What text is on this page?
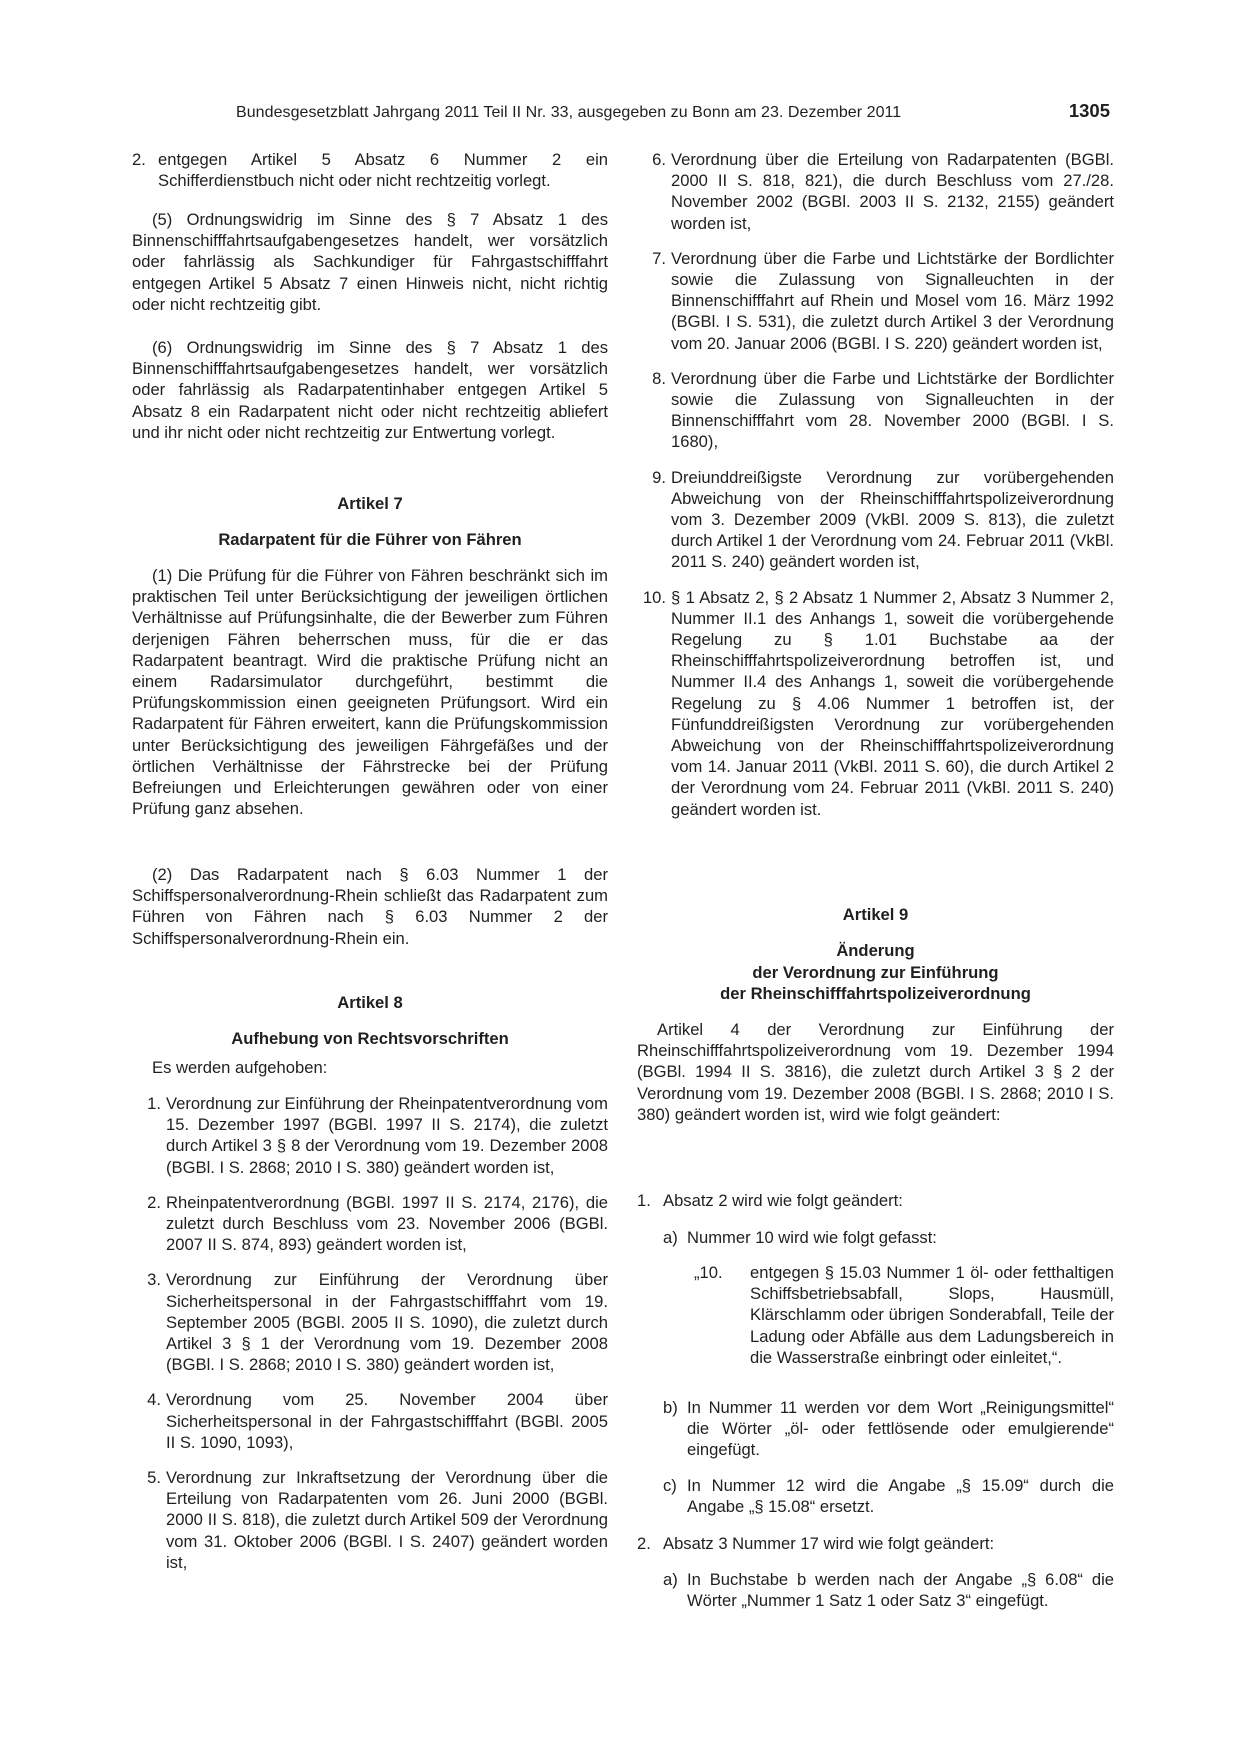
Bundesgesetzblatt Jahrgang 2011 Teil II Nr. 33, ausgegeben zu Bonn am 23. Dezember 2011	1305
2. entgegen Artikel 5 Absatz 6 Nummer 2 ein Schifferdienstbuch nicht oder nicht rechtzeitig vorlegt.

(5) Ordnungswidrig im Sinne des § 7 Absatz 1 des Binnenschifffahrtsaufgabengesetzes handelt, wer vorsätzlich oder fahrlässig als Sachkundiger für Fahrgastschifffahrt entgegen Artikel 5 Absatz 7 einen Hinweis nicht, nicht richtig oder nicht rechtzeitig gibt.

(6) Ordnungswidrig im Sinne des § 7 Absatz 1 des Binnenschifffahrtsaufgabengesetzes handelt, wer vorsätzlich oder fahrlässig als Radarpatentinhaber entgegen Artikel 5 Absatz 8 ein Radarpatent nicht oder nicht rechtzeitig abliefert und ihr nicht oder nicht rechtzeitig zur Entwertung vorlegt.

Artikel 7

Radarpatent für die Führer von Fähren

(1) Die Prüfung für die Führer von Fähren beschränkt sich im praktischen Teil unter Berücksichtigung der jeweiligen örtlichen Verhältnisse auf Prüfungsinhalte, die der Bewerber zum Führen derjenigen Fähren beherrschen muss, für die er das Radarpatent beantragt. Wird die praktische Prüfung nicht an einem Radarsimulator durchgeführt, bestimmt die Prüfungskommission einen geeigneten Prüfungsort. Wird ein Radarpatent für Fähren erweitert, kann die Prüfungskommission unter Berücksichtigung des jeweiligen Fährgefäßes und der örtlichen Verhältnisse der Fährstrecke bei der Prüfung Befreiungen und Erleichterungen gewähren oder von einer Prüfung ganz absehen.

(2) Das Radarpatent nach § 6.03 Nummer 1 der Schiffspersonalverordnung-Rhein schließt das Radarpatent zum Führen von Fähren nach § 6.03 Nummer 2 der Schiffspersonalverordnung-Rhein ein.

Artikel 8

Aufhebung von Rechtsvorschriften

Es werden aufgehoben:

1. Verordnung zur Einführung der Rheinpatentverordnung vom 15. Dezember 1997 (BGBl. 1997 II S. 2174), die zuletzt durch Artikel 3 § 8 der Verordnung vom 19. Dezember 2008 (BGBl. I S. 2868; 2010 I S. 380) geändert worden ist,
2. Rheinpatentverordnung (BGBl. 1997 II S. 2174, 2176), die zuletzt durch Beschluss vom 23. November 2006 (BGBl. 2007 II S. 874, 893) geändert worden ist,
3. Verordnung zur Einführung der Verordnung über Sicherheitspersonal in der Fahrgastschifffahrt vom 19. September 2005 (BGBl. 2005 II S. 1090), die zuletzt durch Artikel 3 § 1 der Verordnung vom 19. Dezember 2008 (BGBl. I S. 2868; 2010 I S. 380) geändert worden ist,
4. Verordnung vom 25. November 2004 über Sicherheitspersonal in der Fahrgastschifffahrt (BGBl. 2005 II S. 1090, 1093),
5. Verordnung zur Inkraftsetzung der Verordnung über die Erteilung von Radarpatenten vom 26. Juni 2000 (BGBl. 2000 II S. 818), die zuletzt durch Artikel 509 der Verordnung vom 31. Oktober 2006 (BGBl. I S. 2407) geändert worden ist,
6. Verordnung über die Erteilung von Radarpatenten (BGBl. 2000 II S. 818, 821), die durch Beschluss vom 27./28. November 2002 (BGBl. 2003 II S. 2132, 2155) geändert worden ist,
7. Verordnung über die Farbe und Lichtstärke der Bordlichter sowie die Zulassung von Signalleuchten in der Binnenschifffahrt auf Rhein und Mosel vom 16. März 1992 (BGBl. I S. 531), die zuletzt durch Artikel 3 der Verordnung vom 20. Januar 2006 (BGBl. I S. 220) geändert worden ist,
8. Verordnung über die Farbe und Lichtstärke der Bordlichter sowie die Zulassung von Signalleuchten in der Binnenschifffahrt vom 28. November 2000 (BGBl. I S. 1680),
9. Dreiunddreißigste Verordnung zur vorübergehenden Abweichung von der Rheinschifffahrtspolizeiverordnung vom 3. Dezember 2009 (VkBl. 2009 S. 813), die zuletzt durch Artikel 1 der Verordnung vom 24. Februar 2011 (VkBl. 2011 S. 240) geändert worden ist,
10. § 1 Absatz 2, § 2 Absatz 1 Nummer 2, Absatz 3 Nummer 2, Nummer II.1 des Anhangs 1, soweit die vorübergehende Regelung zu § 1.01 Buchstabe aa der Rheinschifffahrtspolizeiverordnung betroffen ist, und Nummer II.4 des Anhangs 1, soweit die vorübergehende Regelung zu § 4.06 Nummer 1 betroffen ist, der Fünfunddreißigsten Verordnung zur vorübergehenden Abweichung von der Rheinschifffahrtspolizeiverordnung vom 14. Januar 2011 (VkBl. 2011 S. 60), die durch Artikel 2 der Verordnung vom 24. Februar 2011 (VkBl. 2011 S. 240) geändert worden ist.

Artikel 9

Änderung
der Verordnung zur Einführung
der Rheinschifffahrtspolizeiverordnung

Artikel 4 der Verordnung zur Einführung der Rheinschifffahrtspolizeiverordnung vom 19. Dezember 1994 (BGBl. 1994 II S. 3816), die zuletzt durch Artikel 3 § 2 der Verordnung vom 19. Dezember 2008 (BGBl. I S. 2868; 2010 I S. 380) geändert worden ist, wird wie folgt geändert:

1. Absatz 2 wird wie folgt geändert:
a) Nummer 10 wird wie folgt gefasst:
„10.	entgegen § 15.03 Nummer 1 öl- oder fetthaltigen Schiffsbetriebsabfall, Slops, Hausmüll, Klärschlamm oder übrigen Sonderabfall, Teile der Ladung oder Abfälle aus dem Ladungsbereich in die Wasserstraße einbringt oder einleitet,“.
b) In Nummer 11 werden vor dem Wort „Reinigungsmittel“ die Wörter „öl- oder fettlösende oder emulgierende“ eingefügt.
c) In Nummer 12 wird die Angabe „§ 15.09“ durch die Angabe „§ 15.08“ ersetzt.
2. Absatz 3 Nummer 17 wird wie folgt geändert:
a) In Buchstabe b werden nach der Angabe „§ 6.08“ die Wörter „Nummer 1 Satz 1 oder Satz 3“ eingefügt.
